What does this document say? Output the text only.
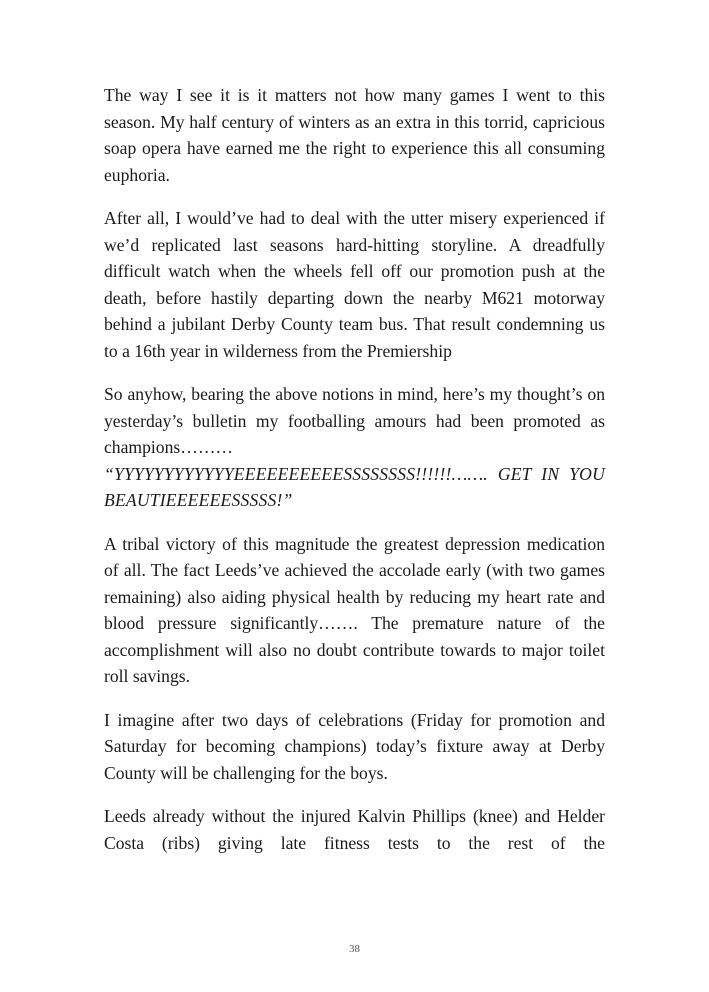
The way I see it is it matters not how many games I went to this season. My half century of winters as an extra in this torrid, capricious soap opera have earned me the right to experience this all consuming euphoria.

After all, I would’ve had to deal with the utter misery experienced if we’d replicated last seasons hard-hitting storyline. A dreadfully difficult watch when the wheels fell off our promotion push at the death, before hastily departing down the nearby M621 motorway behind a jubilant Derby County team bus. That result condemning us to a 16th year in wilderness from the Premiership

So anyhow, bearing the above notions in mind, here’s my thought’s on yesterday’s bulletin my footballing amours had been promoted as champions……… “YYYYYYYYYYYYEEEEEEEEEESSSSSSSS!!!!!!……. GET IN YOU BEAUTIEEEEEESSSSS!”

A tribal victory of this magnitude the greatest depression medication of all. The fact Leeds’ve achieved the accolade early (with two games remaining) also aiding physical health by reducing my heart rate and blood pressure significantly……. The premature nature of the accomplishment will also no doubt contribute towards to major toilet roll savings.

I imagine after two days of celebrations (Friday for promotion and Saturday for becoming champions) today’s fixture away at Derby County will be challenging for the boys.

Leeds already without the injured Kalvin Phillips (knee) and Helder Costa (ribs) giving late fitness tests to the rest of the

38
